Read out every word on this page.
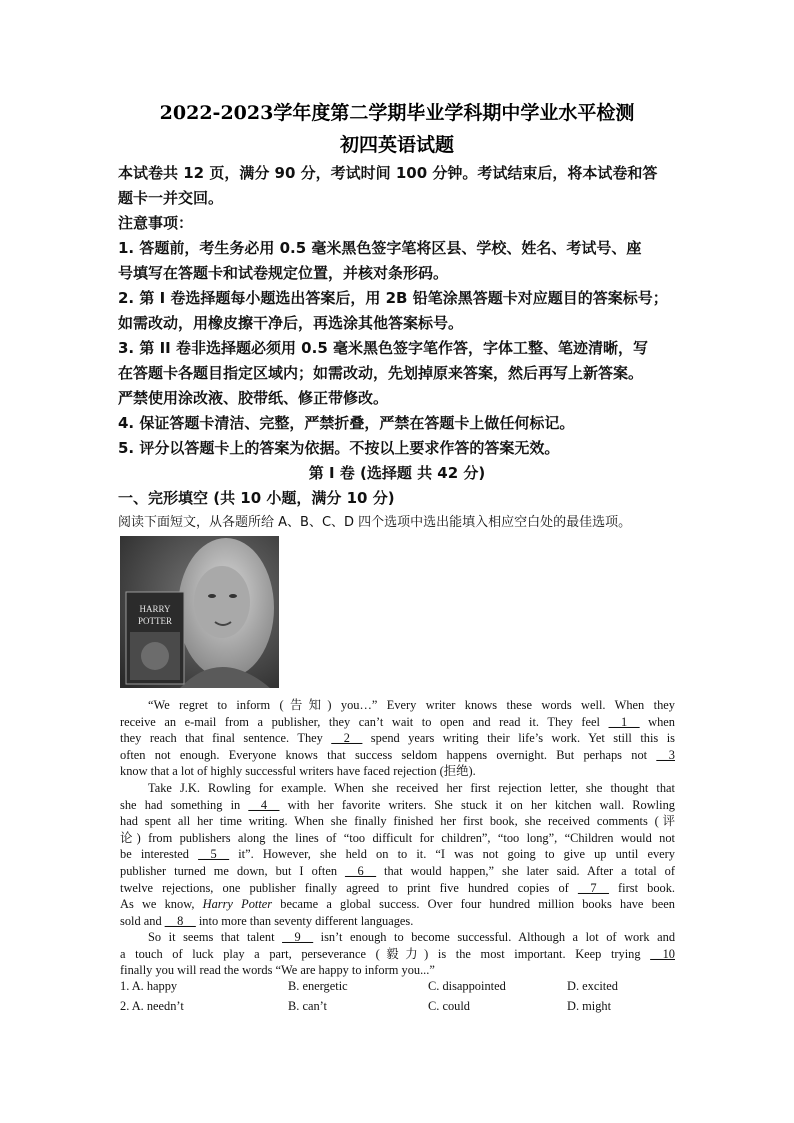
2022-2023学年度第二学期毕业学科期中学业水平检测
初四英语试题
本试卷共 12 页，满分 90 分，考试时间 100 分钟。考试结束后，将本试卷和答
题卡一并交回。
注意事项：
1. 答题前，考生务必用 0.5 毫米黑色签字笔将区县、学校、姓名、考试号、座
号填写在答题卡和试卷规定位置，并核对条形码。
2. 第 I 卷选择题每小题选出答案后，用 2B 铅笔涂黑答题卡对应题目的答案标号；
如需改动，用橡皮擦干净后，再选涂其他答案标号。
3. 第 II 卷非选择题必须用 0.5 毫米黑色签字笔作答，字体工整、笔迹清晰，写
在答题卡各题目指定区域内；如需改动，先划掉原来答案，然后再写上新答案。
严禁使用涂改液、胶带纸、修正带修改。
4. 保证答题卡清洁、完整，严禁折叠，严禁在答题卡上做任何标记。
5. 评分以答题卡上的答案为依据。不按以上要求作答的答案无效。
第 I 卷 (选择题 共 42 分)
一、完形填空 (共 10 小题，满分 10 分)
阅读下面短文，从各题所给 A、B、C、D 四个选项中选出能填入相应空白处的最佳选项。
HARRY
POTTER
“We regret to inform (告知) you…” Every writer knows these words well. When they
receive an e-mail from a publisher, they can’t wait to open and read it. They feel __1__ when
they reach that final sentence. They __2__ spend years writing their life’s work. Yet still this is
often not enough. Everyone knows that success seldom happens overnight. But perhaps not __3
know that a lot of highly successful writers have faced rejection (拒绝).
Take J.K. Rowling for example. When she received her first rejection letter, she thought that
she had something in __4__ with her favorite writers. She stuck it on her kitchen wall. Rowling
had spent all her time writing. When she finally finished her first book, she received comments (评
论) from publishers along the lines of “too difficult for children”, “too long”, “Children would not
be interested __5__ it”. However, she held on to it. “I was not going to give up until every
publisher turned me down, but I often __6__ that would happen,” she later said. After a total of
twelve rejections, one publisher finally agreed to print five hundred copies of __7__ first book.
As we know, Harry Potter became a global success. Over four hundred million books have been
sold and __8__ into more than seventy different languages.
So it seems that talent __9__ isn’t enough to become successful. Although a lot of work and
a touch of luck play a part, perseverance (毅力) is the most important. Keep trying __10
finally you will read the words “We are happy to inform you...”
1. A. happy	B. energetic	C. disappointed	D. excited
2. A. needn’t	B. can’t	C. could	D. might
